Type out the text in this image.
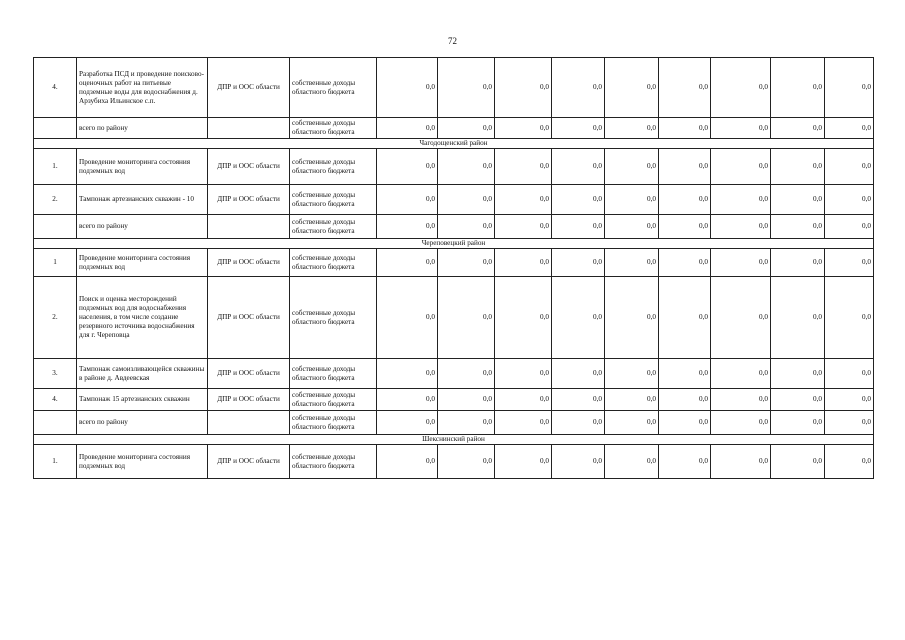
72
4.	Разработка ПСД и проведение поисково-оценочных работ на питьевые подземные воды для водоснабжения д. Арзубиха Ильинское с.п.	ДПР и ООС области	собственные доходы областного бюджета	0,0	0,0	0,0	0,0	0,0	0,0	0,0	0,0	0,0
	всего по району		собственные доходы областного бюджета	0,0	0,0	0,0	0,0	0,0	0,0	0,0	0,0	0,0
Чагодощенский район												
1.	Проведение мониторинга состояния подземных вод	ДПР и ООС области	собственные доходы областного бюджета	0,0	0,0	0,0	0,0	0,0	0,0	0,0	0,0	0,0
2.	Тампонаж артезианских скважин - 10	ДПР и ООС области	собственные доходы областного бюджета	0,0	0,0	0,0	0,0	0,0	0,0	0,0	0,0	0,0
	всего по району		собственные доходы областного бюджета	0,0	0,0	0,0	0,0	0,0	0,0	0,0	0,0	0,0
Череповецкий район												
1	Проведение мониторинга состояния подземных вод	ДПР и ООС области	собственные доходы областного бюджета	0,0	0,0	0,0	0,0	0,0	0,0	0,0	0,0	0,0
2.	Поиск и оценка месторождений подземных вод для водоснабжения населения, в том числе создание резервного источника водоснабжения для г. Череповца	ДПР и ООС области	собственные доходы областного бюджета	0,0	0,0	0,0	0,0	0,0	0,0	0,0	0,0	0,0
3.	Тампонаж самоизливающейся скважины в районе д. Авдеевская	ДПР и ООС области	собственные доходы областного бюджета	0,0	0,0	0,0	0,0	0,0	0,0	0,0	0,0	0,0
4.	Тампонаж 15 артезианских скважин	ДПР и ООС области	собственные доходы областного бюджета	0,0	0,0	0,0	0,0	0,0	0,0	0,0	0,0	0,0
	всего по району		собственные доходы областного бюджета	0,0	0,0	0,0	0,0	0,0	0,0	0,0	0,0	0,0
Шекснинский район												
1.	Проведение мониторинга состояния подземных вод	ДПР и ООС области	собственные доходы областного бюджета	0,0	0,0	0,0	0,0	0,0	0,0	0,0	0,0	0,0
